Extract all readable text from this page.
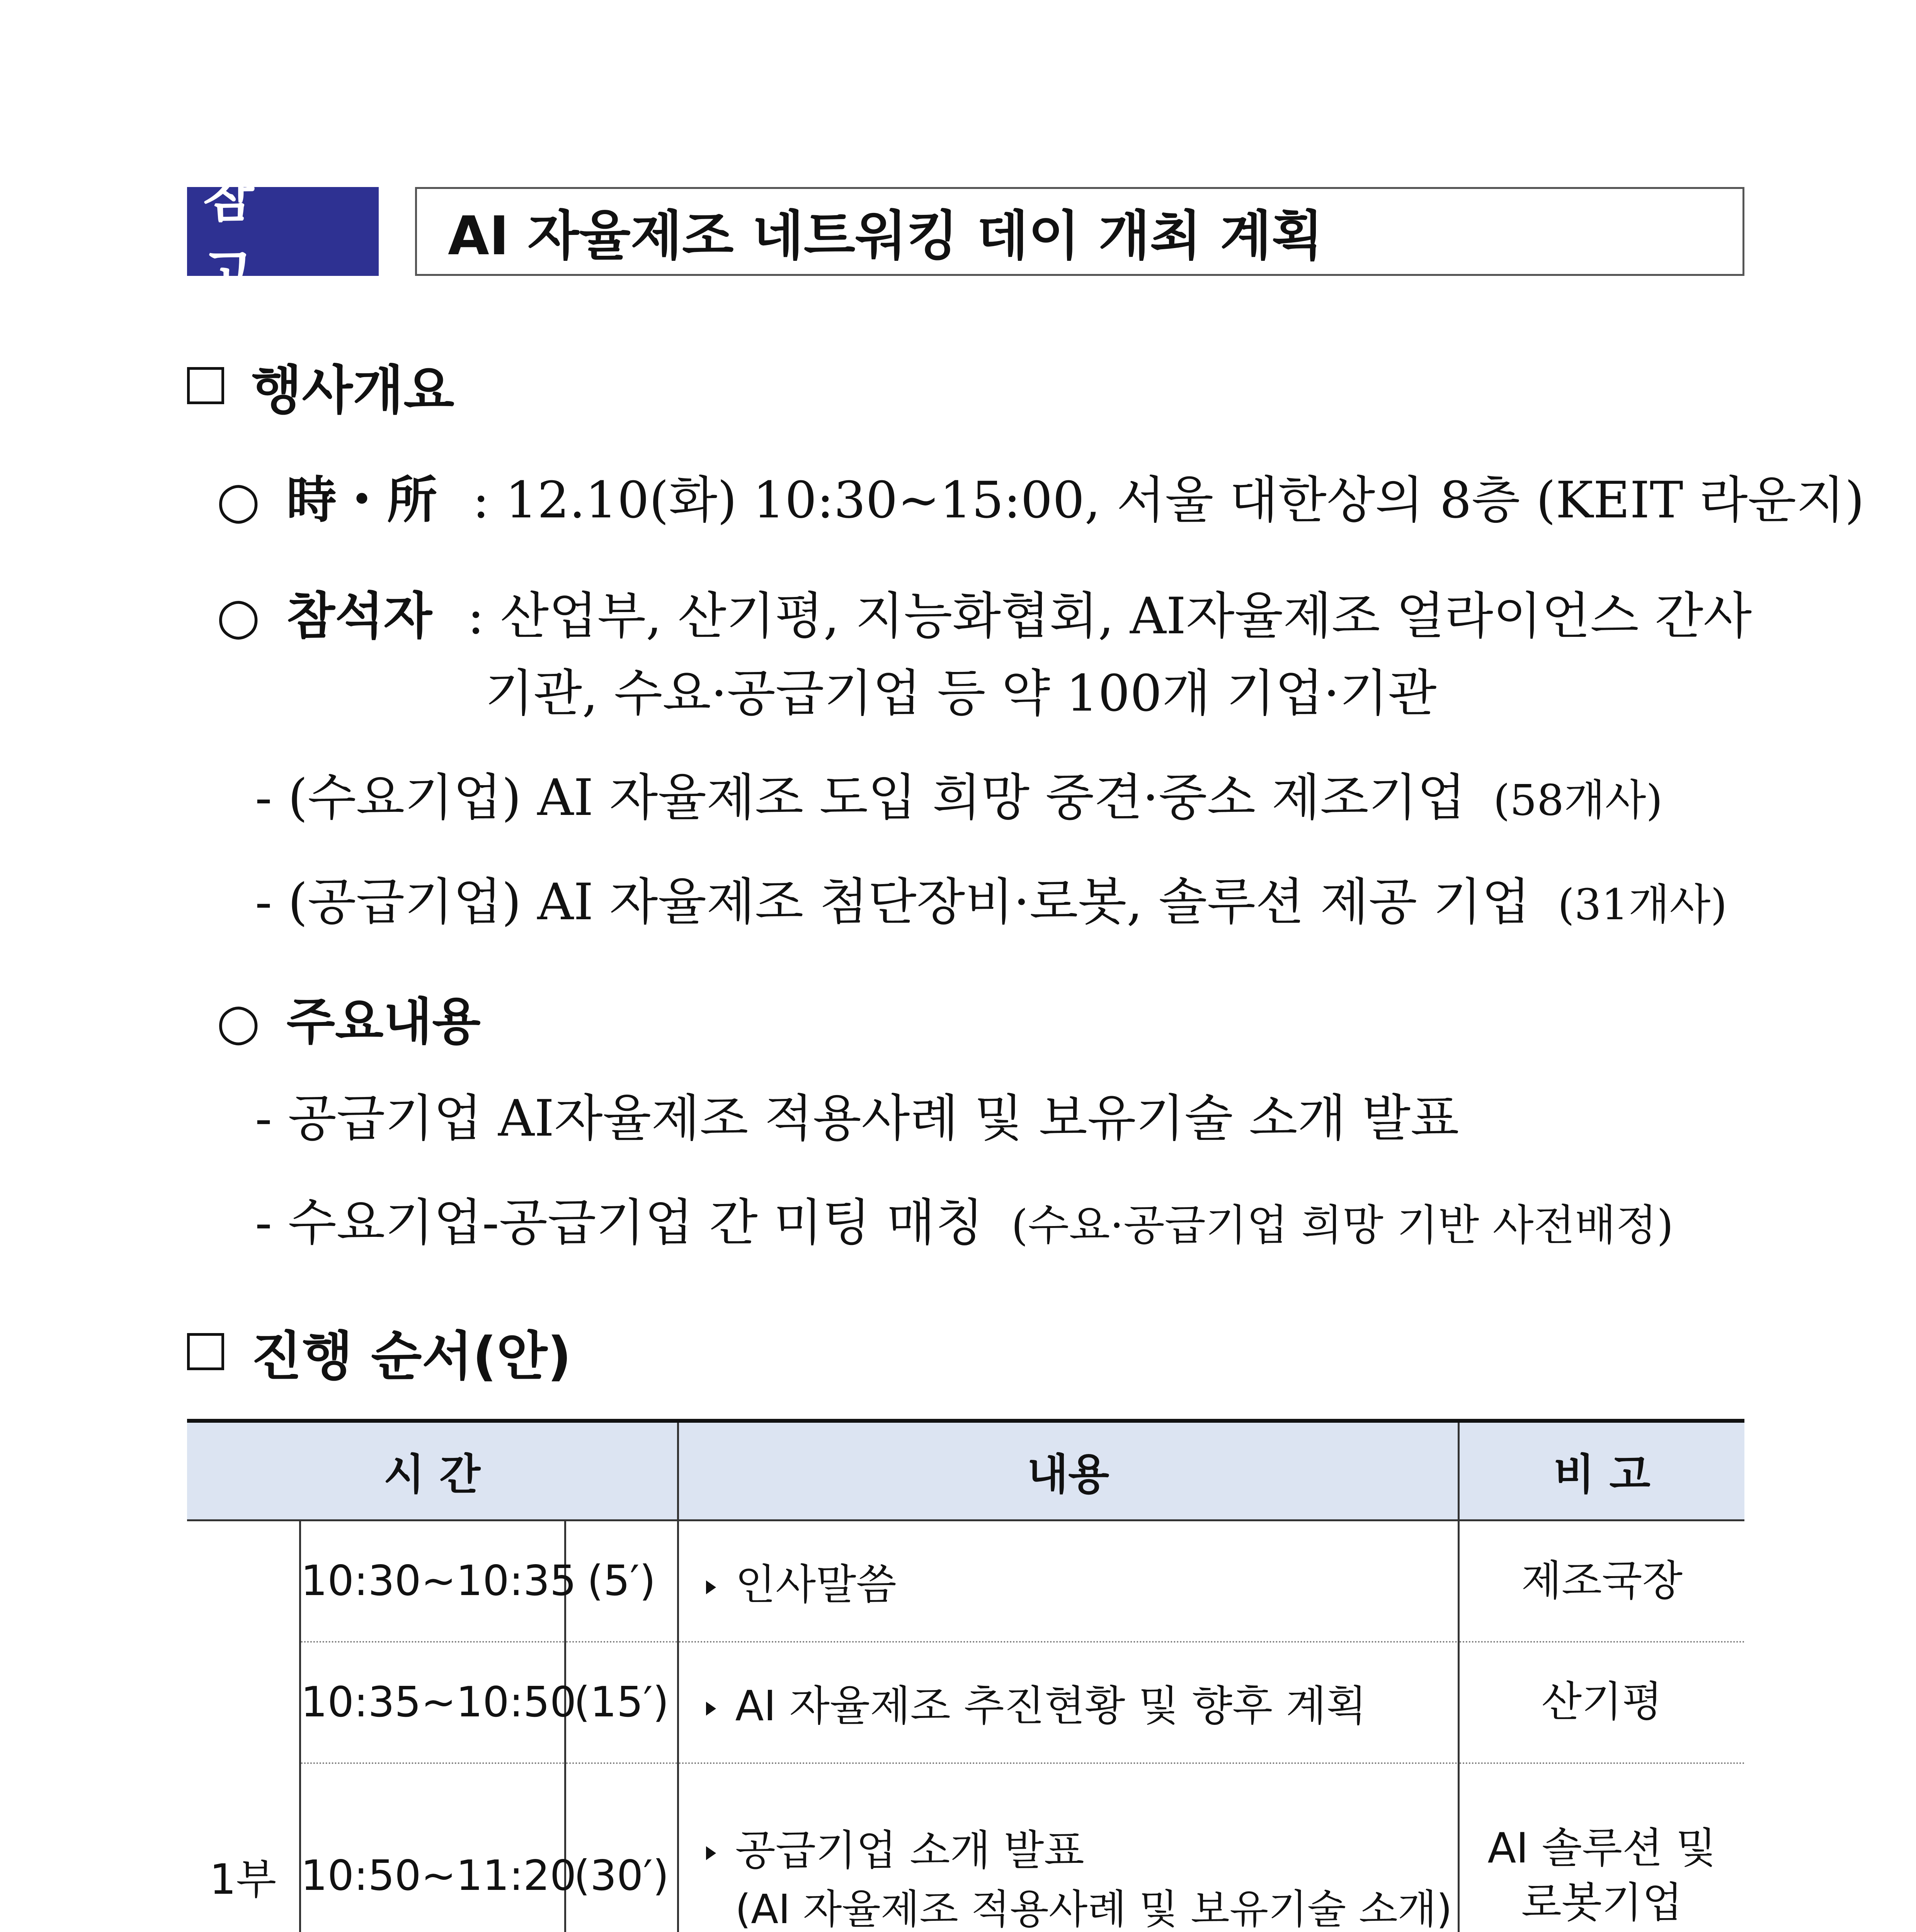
참 고
AI 자율제조 네트워킹 데이 개최 계획
행사개요
○ 時・所 : 12.10(화) 10:30~15:00, 서울 대한상의 8층 (KEIT 라운지)
○ 참석자 : 산업부, 산기평, 지능화협회, AI자율제조 얼라이언스 간사
기관, 수요·공급기업 등 약 100개 기업·기관
- (수요기업) AI 자율제조 도입 희망 중견·중소 제조기업 (58개사)
- (공급기업) AI 자율제조 첨단장비·로봇, 솔루션 제공 기업 (31개사)
○ 주요내용
- 공급기업 AI자율제조 적용사례 및 보유기술 소개 발표
- 수요기업-공급기업 간 미팅 매칭 (수요·공급기업 희망 기반 사전배정)
진행 순서(안)
시 간			내용	비 고
1부	10:30~10:35	(5′)	인사말씀	제조국장
	10:35~10:50	(15′)	AI 자율제조 추진현황 및 향후 계획	산기평
	10:50~11:20	(30′)	공급기업 소개 발표
(AI 자율제조 적용사례 및 보유기술 소개)	AI 솔루션 및
로봇기업
